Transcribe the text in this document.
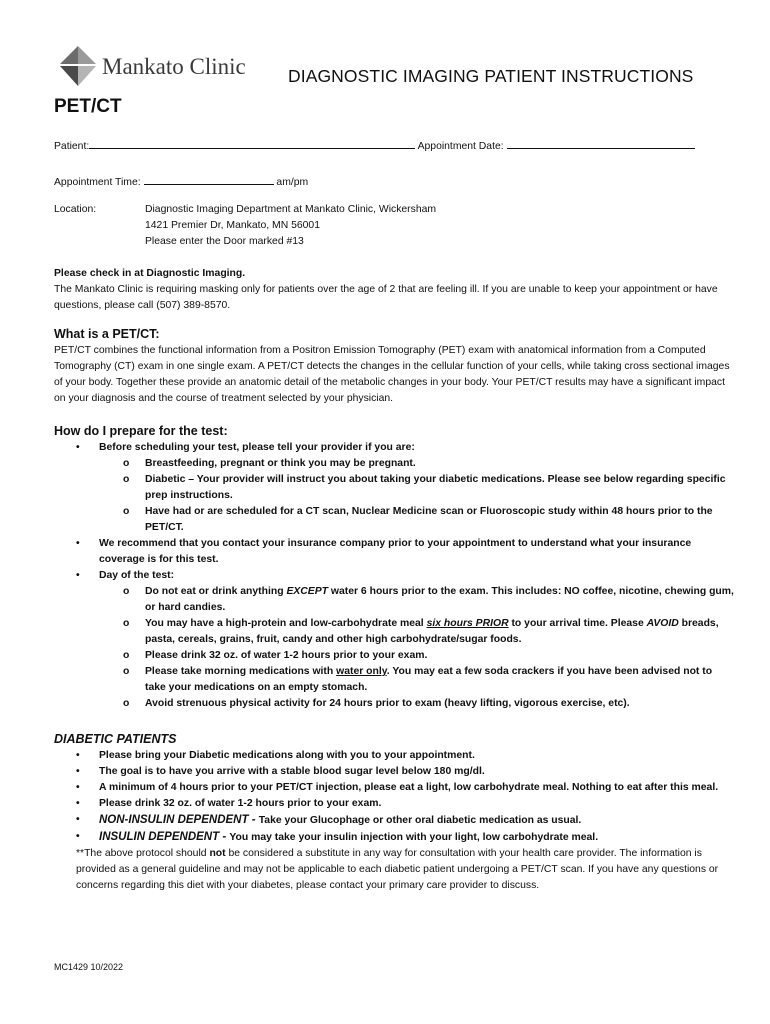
Mankato Clinic DIAGNOSTIC IMAGING PATIENT INSTRUCTIONS
PET/CT
Patient:	Appointment Date:
Appointment Time:	am/pm
Location:	Diagnostic Imaging Department at Mankato Clinic, Wickersham
1421 Premier Dr, Mankato, MN 56001
Please enter the Door marked #13
Please check in at Diagnostic Imaging.
The Mankato Clinic is requiring masking only for patients over the age of 2 that are feeling ill. If you are unable to keep your appointment or have questions, please call (507) 389-8570.
What is a PET/CT:
PET/CT combines the functional information from a Positron Emission Tomography (PET) exam with anatomical information from a Computed Tomography (CT) exam in one single exam. A PET/CT detects the changes in the cellular function of your cells, while taking cross sectional images of your body. Together these provide an anatomic detail of the metabolic changes in your body. Your PET/CT results may have a significant impact on your diagnosis and the course of treatment selected by your physician.
How do I prepare for the test:
• Before scheduling your test, please tell your provider if you are:
o Breastfeeding, pregnant or think you may be pregnant.
o Diabetic – Your provider will instruct you about taking your diabetic medications. Please see below regarding specific prep instructions.
o Have had or are scheduled for a CT scan, Nuclear Medicine scan or Fluoroscopic study within 48 hours prior to the PET/CT.
• We recommend that you contact your insurance company prior to your appointment to understand what your insurance coverage is for this test.
• Day of the test:
o Do not eat or drink anything EXCEPT water 6 hours prior to the exam. This includes: NO coffee, nicotine, chewing gum, or hard candies.
o You may have a high-protein and low-carbohydrate meal six hours PRIOR to your arrival time. Please AVOID breads, pasta, cereals, grains, fruit, candy and other high carbohydrate/sugar foods.
o Please drink 32 oz. of water 1-2 hours prior to your exam.
o Please take morning medications with water only. You may eat a few soda crackers if you have been advised not to take your medications on an empty stomach.
o Avoid strenuous physical activity for 24 hours prior to exam (heavy lifting, vigorous exercise, etc).
DIABETIC PATIENTS
• Please bring your Diabetic medications along with you to your appointment.
• The goal is to have you arrive with a stable blood sugar level below 180 mg/dl.
• A minimum of 4 hours prior to your PET/CT injection, please eat a light, low carbohydrate meal. Nothing to eat after this meal.
• Please drink 32 oz. of water 1-2 hours prior to your exam.
• NON-INSULIN DEPENDENT - Take your Glucophage or other oral diabetic medication as usual.
• INSULIN DEPENDENT - You may take your insulin injection with your light, low carbohydrate meal.
**The above protocol should not be considered a substitute in any way for consultation with your health care provider. The information is provided as a general guideline and may not be applicable to each diabetic patient undergoing a PET/CT scan. If you have any questions or concerns regarding this diet with your diabetes, please contact your primary care provider to discuss.
MC1429 10/2022
